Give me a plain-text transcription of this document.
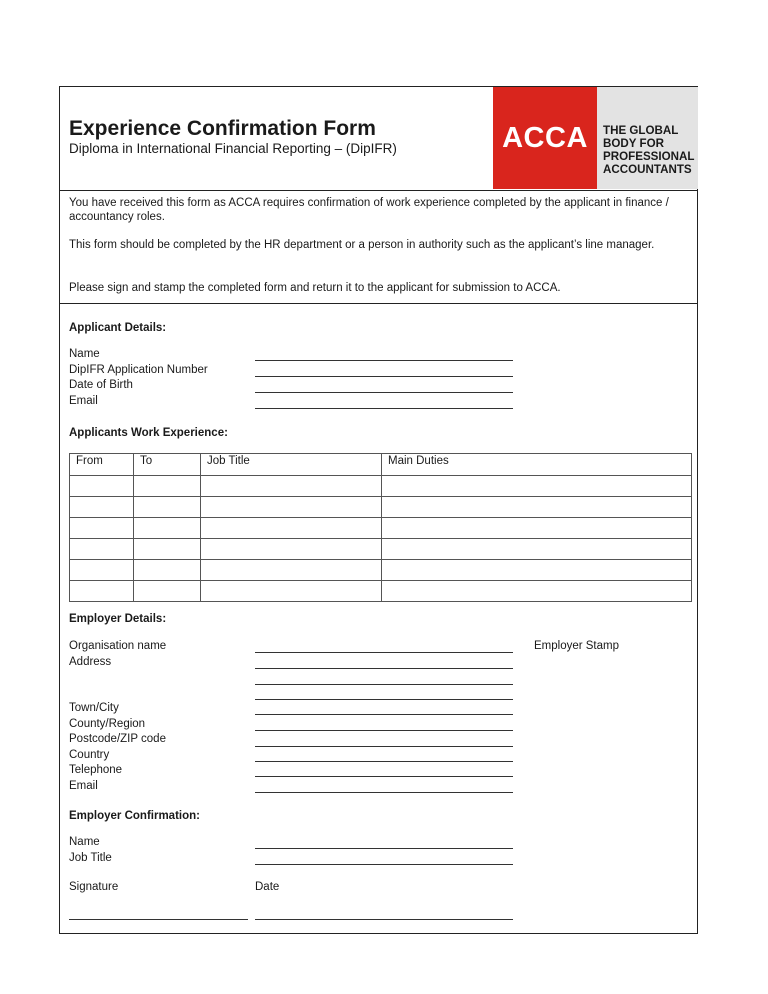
Experience Confirmation Form
Diploma in International Financial Reporting – (DipIFR)	ACCA THE GLOBAL
BODY FOR
PROFESSIONAL
ACCOUNTANTS

You have received this form as ACCA requires confirmation of work experience completed by the applicant in finance / accountancy roles.

This form should be completed by the HR department or a person in authority such as the applicant’s line manager.

Please sign and stamp the completed form and return it to the applicant for submission to ACCA.

Applicant Details:
Name
DipIFR Application Number
Date of Birth
Email
Applicants Work Experience:
From	To	Job Title	Main Duties

Employer Details:
Organisation name
Address
Town/City
County/Region
Postcode/ZIP code
Country
Telephone
Email
Employer Stamp
Employer Confirmation:
Name
Job Title
Signature	Date
